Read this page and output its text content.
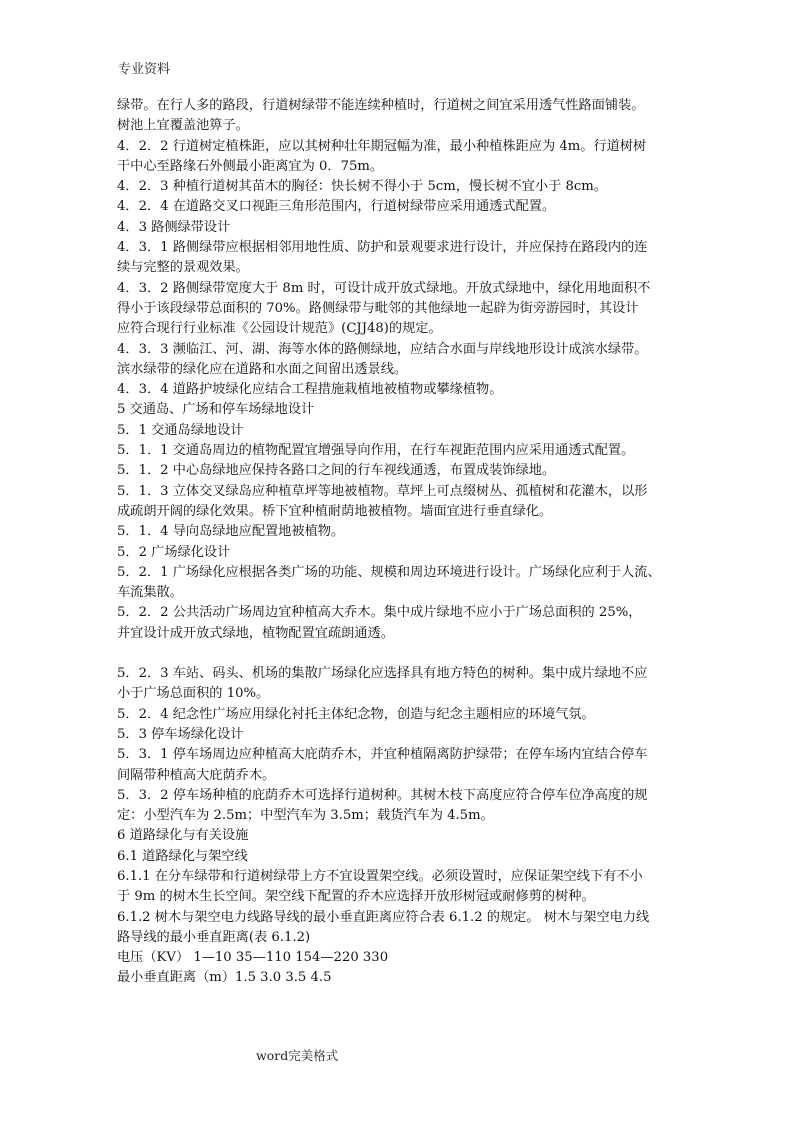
专业资料
绿带。在行人多的路段，行道树绿带不能连续种植时，行道树之间宜采用透气性路面铺装。
树池上宜覆盖池箅子。
4．2．2 行道树定植株距，应以其树种壮年期冠幅为准，最小种植株距应为 4m。行道树树
干中心至路缘石外侧最小距离宜为 0．75m。
4．2．3 种植行道树其苗木的胸径：快长树不得小于 5cm，慢长树不宜小于 8cm。
4．2．4 在道路交叉口视距三角形范围内，行道树绿带应采用通透式配置。
4．3 路侧绿带设计
4．3．1 路侧绿带应根据相邻用地性质、防护和景观要求进行设计，并应保持在路段内的连
续与完整的景观效果。
4．3．2 路侧绿带宽度大于 8m 时，可设计成开放式绿地。开放式绿地中，绿化用地面积不
得小于该段绿带总面积的 70%。路侧绿带与毗邻的其他绿地一起辟为街旁游园时，其设计
应符合现行行业标准《公园设计规范》(CJJ48)的规定。
4．3．3 濒临江、河、湖、海等水体的路侧绿地，应结合水面与岸线地形设计成滨水绿带。
滨水绿带的绿化应在道路和水面之间留出透景线。
4．3．4 道路护坡绿化应结合工程措施栽植地被植物或攀缘植物。
5 交通岛、广场和停车场绿地设计
5．1 交通岛绿地设计
5．1．1 交通岛周边的植物配置宜增强导向作用，在行车视距范围内应采用通透式配置。
5．1．2 中心岛绿地应保持各路口之间的行车视线通透，布置成装饰绿地。
5．1．3 立体交叉绿岛应种植草坪等地被植物。草坪上可点缀树丛、孤植树和花灌木，以形
成疏朗开阔的绿化效果。桥下宜种植耐荫地被植物。墙面宜进行垂直绿化。
5．1．4 导向岛绿地应配置地被植物。
5．2 广场绿化设计
5．2．1 广场绿化应根据各类广场的功能、规模和周边环境进行设计。广场绿化应利于人流、
车流集散。
5．2．2 公共活动广场周边宜种植高大乔木。集中成片绿地不应小于广场总面积的 25%，
并宜设计成开放式绿地，植物配置宜疏朗通透。
5．2．3 车站、码头、机场的集散广场绿化应选择具有地方特色的树种。集中成片绿地不应
小于广场总面积的 10%。
5．2．4 纪念性广场应用绿化衬托主体纪念物，创造与纪念主题相应的环境气氛。
5．3 停车场绿化设计
5．3．1 停车场周边应种植高大庇荫乔木，并宜种植隔离防护绿带；在停车场内宜结合停车
间隔带种植高大庇荫乔木。
5．3．2 停车场种植的庇荫乔木可选择行道树种。其树木枝下高度应符合停车位净高度的规
定：小型汽车为 2.5m；中型汽车为 3.5m；载货汽车为 4.5m。
6 道路绿化与有关设施
6.1 道路绿化与架空线
6.1.1 在分车绿带和行道树绿带上方不宜设置架空线。必须设置时，应保证架空线下有不小
于 9m 的树木生长空间。架空线下配置的乔木应选择开放形树冠或耐修剪的树种。
6.1.2 树木与架空电力线路导线的最小垂直距离应符合表 6.1.2 的规定。 树木与架空电力线
路导线的最小垂直距离(表 6.1.2)
电压（KV） 1—10 35—110 154—220 330
最小垂直距离（m）1.5 3.0 3.5 4.5
word完美格式
